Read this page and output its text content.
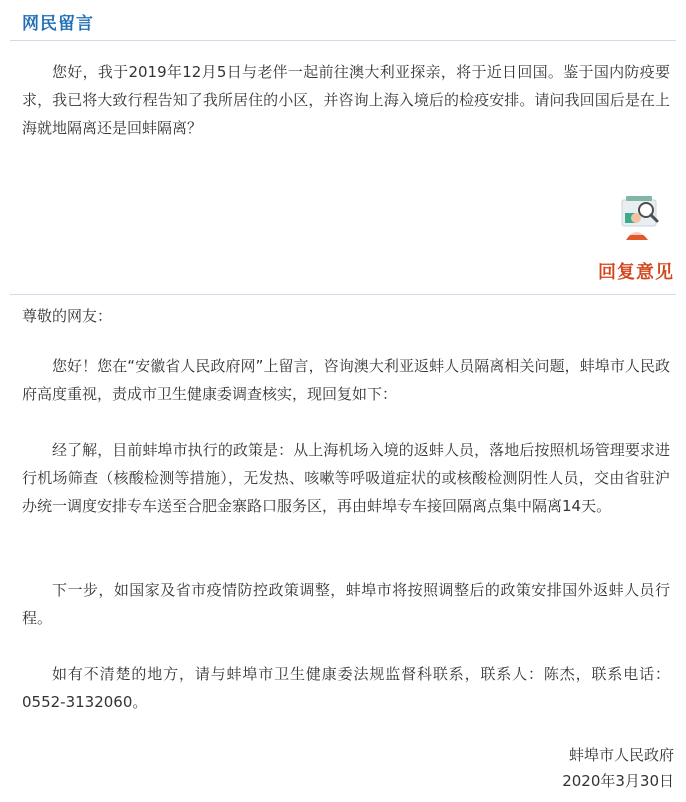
网民留言
您好，我于2019年12月5日与老伴一起前往澳大利亚探亲，将于近日回国。鉴于国内防疫要求，我已将大致行程告知了我所居住的小区，并咨询上海入境后的检疫安排。请问我回国后是在上海就地隔离还是回蚌隔离？
回复意见
尊敬的网友：
您好！您在“安徽省人民政府网”上留言，咨询澳大利亚返蚌人员隔离相关问题，蚌埠市人民政府高度重视，责成市卫生健康委调查核实，现回复如下：
经了解，目前蚌埠市执行的政策是：从上海机场入境的返蚌人员，落地后按照机场管理要求进行机场筛查（核酸检测等措施），无发热、咳嗽等呼吸道症状的或核酸检测阴性人员，交由省驻沪办统一调度安排专车送至合肥金寨路口服务区，再由蚌埠专车接回隔离点集中隔离14天。
下一步，如国家及省市疫情防控政策调整，蚌埠市将按照调整后的政策安排国外返蚌人员行程。
如有不清楚的地方，请与蚌埠市卫生健康委法规监督科联系，联系人：陈杰，联系电话：0552-3132060。
蚌埠市人民政府
2020年3月30日
